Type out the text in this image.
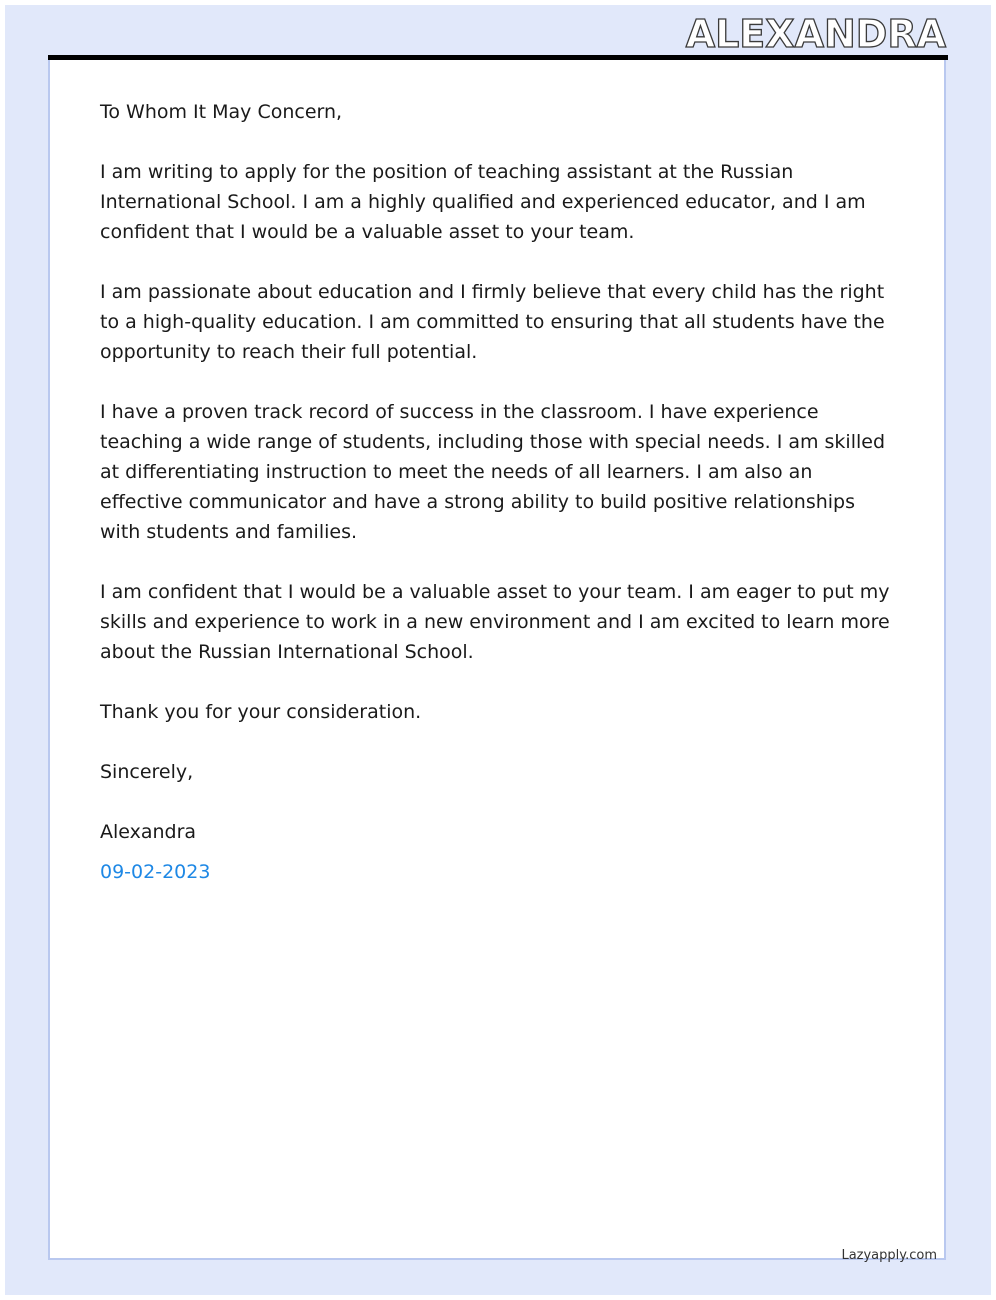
ALEXANDRA

To Whom It May Concern,

I am writing to apply for the position of teaching assistant at the Russian International School. I am a highly qualified and experienced educator, and I am confident that I would be a valuable asset to your team.

I am passionate about education and I firmly believe that every child has the right to a high-quality education. I am committed to ensuring that all students have the opportunity to reach their full potential.

I have a proven track record of success in the classroom. I have experience teaching a wide range of students, including those with special needs. I am skilled at differentiating instruction to meet the needs of all learners. I am also an effective communicator and have a strong ability to build positive relationships with students and families.

I am confident that I would be a valuable asset to your team. I am eager to put my skills and experience to work in a new environment and I am excited to learn more about the Russian International School.

Thank you for your consideration.

Sincerely,

Alexandra

09-02-2023

Lazyapply.com
